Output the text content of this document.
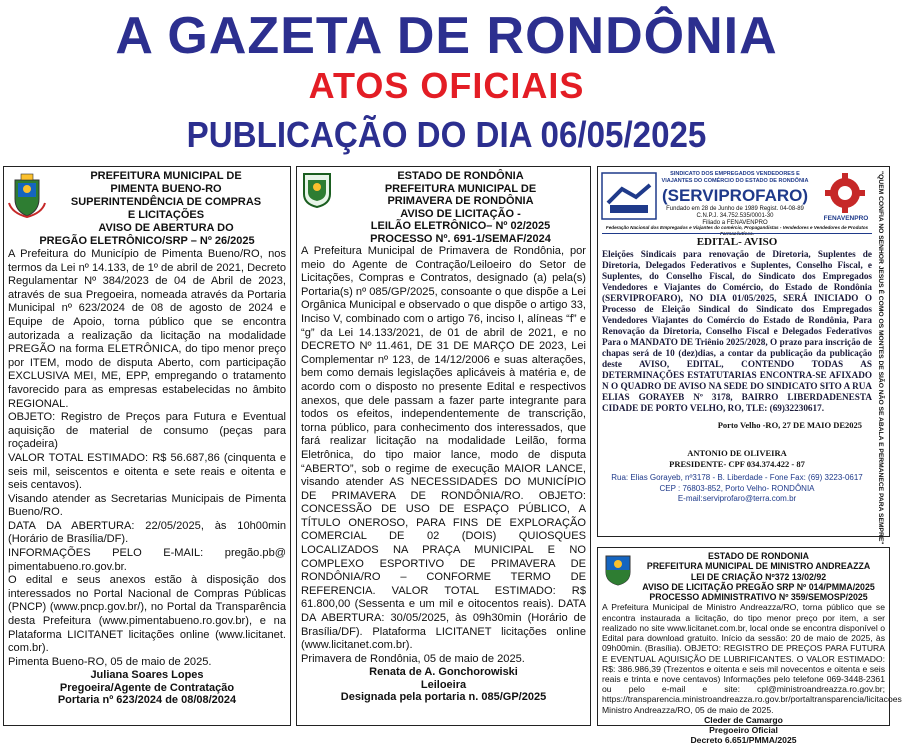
A GAZETA DE RONDÔNIA
ATOS OFICIAIS
PUBLICAÇÃO DO DIA 06/05/2025
PREFEITURA MUNICIPAL DE
PIMENTA BUENO-RO
SUPERINTENDÊNCIA DE COMPRAS
E LICITAÇÕES
AVISO DE ABERTURA DO
PREGÃO ELETRÔNICO/SRP – Nº 26/2025

A Prefeitura do Município de Pimenta Bueno/RO, nos termos da Lei nº 14.133, de 1º de abril de 2021, Decreto Regulamentar Nº 384/2023 de 04 de Abril de 2023, através de sua Pregoeira, nomeada através da Portaria Municipal nº 623/2024 de 08 de agosto de 2024 e Equipe de Apoio, torna público que se encontra autorizada a realização da licitação na modalidade PREGÃO na forma ELETRÔNICA, do tipo menor preço por ITEM, modo de disputa Aberto, com participação EXCLUSIVA MEI, ME, EPP, empregando o tratamento favorecido para as empresas estabelecidas no âmbito REGIONAL.

OBJETO: Registro de Preços para Futura e Eventual aquisição de material de consumo (peças para roçadeira)

VALOR TOTAL ESTIMADO: R$ 56.687,86 (cinquenta e seis mil, seiscentos e oitenta e sete reais e oitenta e seis centavos).

Visando atender as Secretarias Municipais de Pimenta Bueno/RO.

DATA DA ABERTURA: 22/05/2025, às 10h00min (Horário de Brasília/DF).

INFORMAÇÕES PELO E-MAIL: pregão.pb@ pimentabueno.ro.gov.br.

O edital e seus anexos estão à disposição dos interessados no Portal Nacional de Compras Públicas (PNCP) (www.pncp.gov.br/), no Portal da Transparência desta Prefeitura (www.pimentabueno.ro.gov.br), e na Plataforma LICITANET licitações online (www.licitanet. com.br).

Pimenta Bueno-RO, 05 de maio de 2025.

Juliana Soares Lopes
Pregoeira/Agente de Contratação
Portaria nº 623/2024 de 08/08/2024
ESTADO DE RONDÔNIA
PREFEITURA MUNICIPAL DE
PRIMAVERA DE RONDÔNIA
AVISO DE LICITAÇÃO -
LEILÃO ELETRÔNICO– Nº 02/2025
PROCESSO Nº. 691-1/SEMAF/2024

A Prefeitura Municipal de Primavera de Rondônia, por meio do Agente de Contração/Leiloeiro do Setor de Licitações, Compras e Contratos, designado (a) pela(s) Portaria(s) nº 085/GP/2025, consoante o que dispõe a Lei Orgânica Municipal e observado o que dispõe o artigo 33, Inciso V, combinado com o artigo 76, inciso I, alíneas “f” e “g” da Lei 14.133/2021, de 01 de abril de 2021, e no DECRETO Nº 11.461, DE 31 DE MARÇO DE 2023, Lei Complementar nº 123, de 14/12/2006 e suas alterações, bem como demais legislações aplicáveis à matéria e, de acordo com o disposto no presente Edital e respectivos anexos, que dele passam a fazer parte integrante para todos os efeitos, independentemente de transcrição, torna público, para conhecimento dos interessados, que fará realizar licitação na modalidade Leilão, forma Eletrônica, do tipo maior lance, modo de disputa “ABERTO”, sob o regime de execução MAIOR LANCE, visando atender AS NECESSIDADES DO MUNICÍPIO DE PRIMAVERA DE RONDÔNIA/RO. OBJETO: CONCESSÃO DE USO DE ESPAÇO PÚBLICO, A TÍTULO ONEROSO, PARA FINS DE EXPLORAÇÃO COMERCIAL DE 02 (DOIS) QUIOSQUES LOCALIZADOS NA PRAÇA MUNICIPAL E NO COMPLEXO ESPORTIVO DE PRIMAVERA DE RONDÔNIA/RO – CONFORME TERMO DE REFERENCIA. VALOR TOTAL ESTIMADO: R$ 61.800,00 (Sessenta e um mil e oitocentos reais). DATA DA ABERTURA: 30/05/2025, às 09h30min (Horário de Brasília/DF). Plataforma LICITANET licitações online (www.licitanet.com.br).

Primavera de Rondônia, 05 de maio de 2025.

Renata de A. Gonchorowiski
Leiloeira
Designada pela portaria n. 085/GP/2025
"QUEM CONFIA NO SENHOR JESUS É COMO OS MONTES DE SIÃO NÃO SE ABALA E PERMANECE PARA SEMPRE"
SINDICATO DOS EMPREGADOS VENDEDORES E VIAJANTES DO COMÉRCIO DO ESTADO DE RONDÔNIA
(SERVIPROFARO)
Fundado em 28 de Junho de 1989 Regist. 04-08-89
C.N.P.J. 34.752.535/0001-30
Filiado a FENAVENPRO
FENAVENPRO
Federação Nacional dos Empregados e Viajantes do comércio, Propagandistas - Vendedores e Vendedores de Produtos Farmacêuticos.
EDITAL- AVISO
Eleições Sindicais para renovação de Diretoria, Suplentes de Diretoria, Delegados Federativos e Suplentes, Conselho Fiscal, e Suplentes, do Conselho Fiscal, do Sindicato dos Empregados Vendedores e Viajantes do Comércio, do Estado de Rondônia (SERVIPROFARO), NO DIA 01/05/2025, SERÁ INICIADO O Processo de Eleição Sindical do Sindicato dos Empregados Vendedores Viajantes do Comércio do Estado de Rondônia, Para Renovação da Diretoria, Conselho Fiscal e Delegados Federativos Para o MANDATO DE Triênio 2025/2028, O prazo para inscrição de chapas será de 10 (dez)dias, a contar da publicação da publicação deste AVISO, EDITAL, CONTENDO TODAS AS DETERMINAÇÕES ESTATUTARIAS ENCONTRA-SE AFIXADO N O QUADRO DE AVISO NA SEDE DO SINDICATO SITO A RUA ELIAS GORAYEB Nº 3178, BAIRRO LIBERDADENESTA CIDADE DE PORTO VELHO, RO, TLE: (69)32230617.
Porto Velho -RO, 27 DE MAIO DE2025
ANTONIO DE OLIVEIRA
PRESIDENTE- CPF 034.374.422 - 87
Rua: Elias Gorayeb, nº3178 - B. Liberdade - Fone Fax: (69) 3223-0617
CEP : 76803-852, Porto Velho- RONDÔNIA
E-mail:serviprofaro@terra.com.br
ESTADO DE RONDONIA
PREFEITURA MUNICIPAL DE MINISTRO ANDREAZZA
LEI DE CRIAÇÃO Nº372 13/02/92
AVISO DE LICITAÇÃO PREGÃO SRP Nº 014/PMMA/2025
PROCESSO ADMINISTRATIVO Nº 359/SEMOSP/2025

A Prefeitura Municipal de Ministro Andreazza/RO, torna público que se encontra instaurada a licitação, do tipo menor preço por item, a ser realizado no site www.licitanet.com.br, local onde se encontra disponível o Edital para download gratuito. Início da sessão: 20 de maio de 2025, às 09h00min. (Brasília). OBJETO: REGISTRO DE PREÇOS PARA FUTURA E EVENTUAL AQUISIÇÃO DE LUBRIFICANTES. O VALOR ESTIMADO: R$: 386.986,39 (Trezentos e oitenta e seis mil novecentos e oitenta e seis reais e trinta e nove centavos) Informações pelo telefone 069-3448-2361 ou pelo e-mail e site: cpl@ministroandreazza.ro.gov.br; https://transparencia.ministroandreazza.ro.gov.br/portaltransparencia/licitacoes

Ministro Andreazza/RO, 05 de maio de 2025.

Cleder de Camargo
Pregoeiro Oficial
Decreto 6.651/PMMA/2025
